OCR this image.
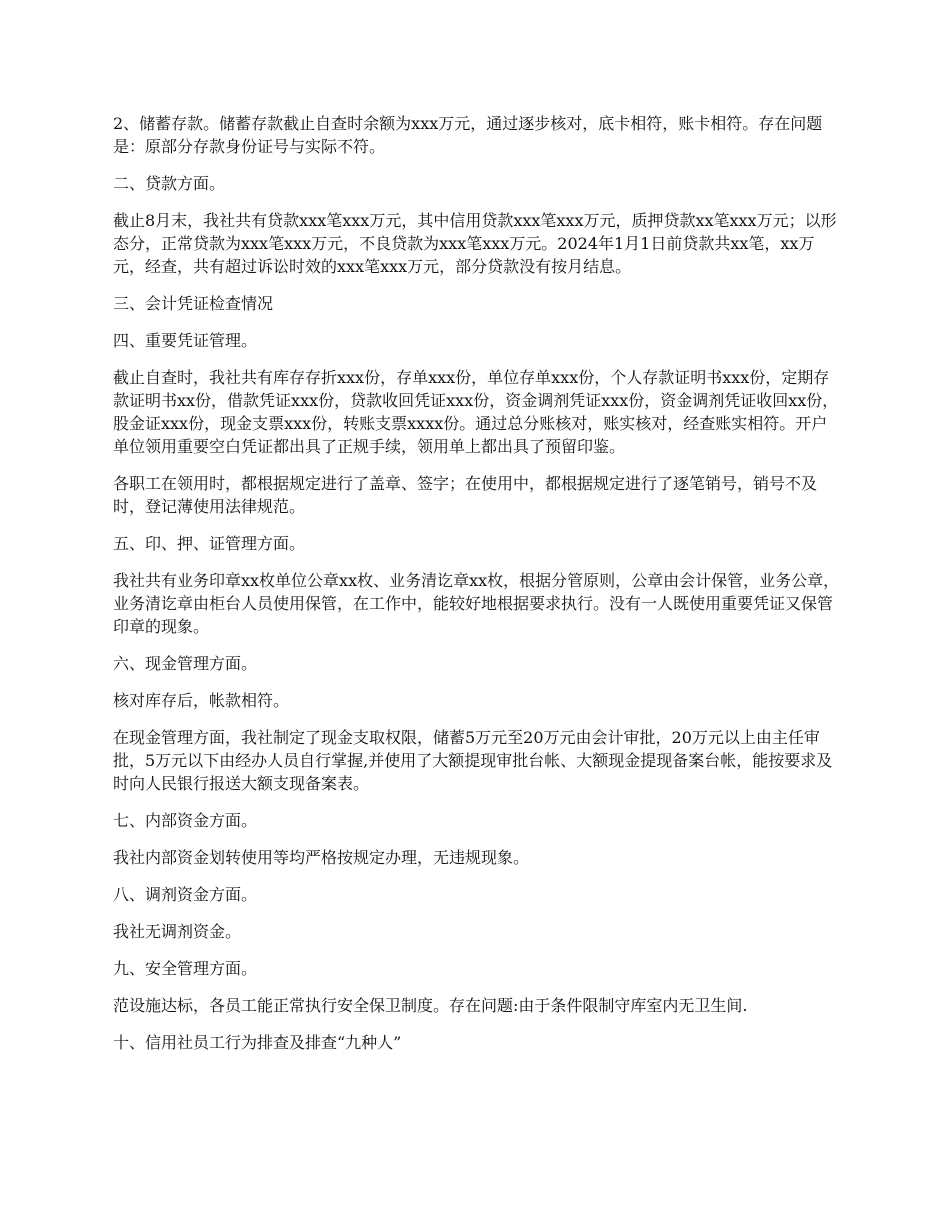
2、储蓄存款。储蓄存款截止自查时余额为xxx万元，通过逐步核对，底卡相符，账卡相符。存在问题是：原部分存款身份证号与实际不符。

二、贷款方面。

截止8月末，我社共有贷款xxx笔xxx万元，其中信用贷款xxx笔xxx万元，质押贷款xx笔xxx万元；以形态分，正常贷款为xxx笔xxx万元，不良贷款为xxx笔xxx万元。2024年1月1日前贷款共xx笔，xx万元，经查，共有超过诉讼时效的xxx笔xxx万元，部分贷款没有按月结息。

三、会计凭证检查情况

四、重要凭证管理。

截止自查时，我社共有库存存折xxx份，存单xxx份，单位存单xxx份，个人存款证明书xxx份，定期存款证明书xx份，借款凭证xxx份，贷款收回凭证xxx份，资金调剂凭证xxx份，资金调剂凭证收回xx份，股金证xxx份，现金支票xxx份，转账支票xxxx份。通过总分账核对，账实核对，经查账实相符。开户单位领用重要空白凭证都出具了正规手续，领用单上都出具了预留印鉴。

各职工在领用时，都根据规定进行了盖章、签字；在使用中，都根据规定进行了逐笔销号，销号不及时，登记薄使用法律规范。

五、印、押、证管理方面。

我社共有业务印章xx枚单位公章xx枚、业务清讫章xx枚，根据分管原则，公章由会计保管，业务公章，业务清讫章由柜台人员使用保管，在工作中，能较好地根据要求执行。没有一人既使用重要凭证又保管印章的现象。

六、现金管理方面。

核对库存后，帐款相符。

在现金管理方面，我社制定了现金支取权限，储蓄5万元至20万元由会计审批，20万元以上由主任审批，5万元以下由经办人员自行掌握,并使用了大额提现审批台帐、大额现金提现备案台帐，能按要求及时向人民银行报送大额支现备案表。

七、内部资金方面。

我社内部资金划转使用等均严格按规定办理，无违规现象。

八、调剂资金方面。

我社无调剂资金。

九、安全管理方面。

范设施达标，各员工能正常执行安全保卫制度。存在问题:由于条件限制守库室内无卫生间.

十、信用社员工行为排查及排查“九种人”
